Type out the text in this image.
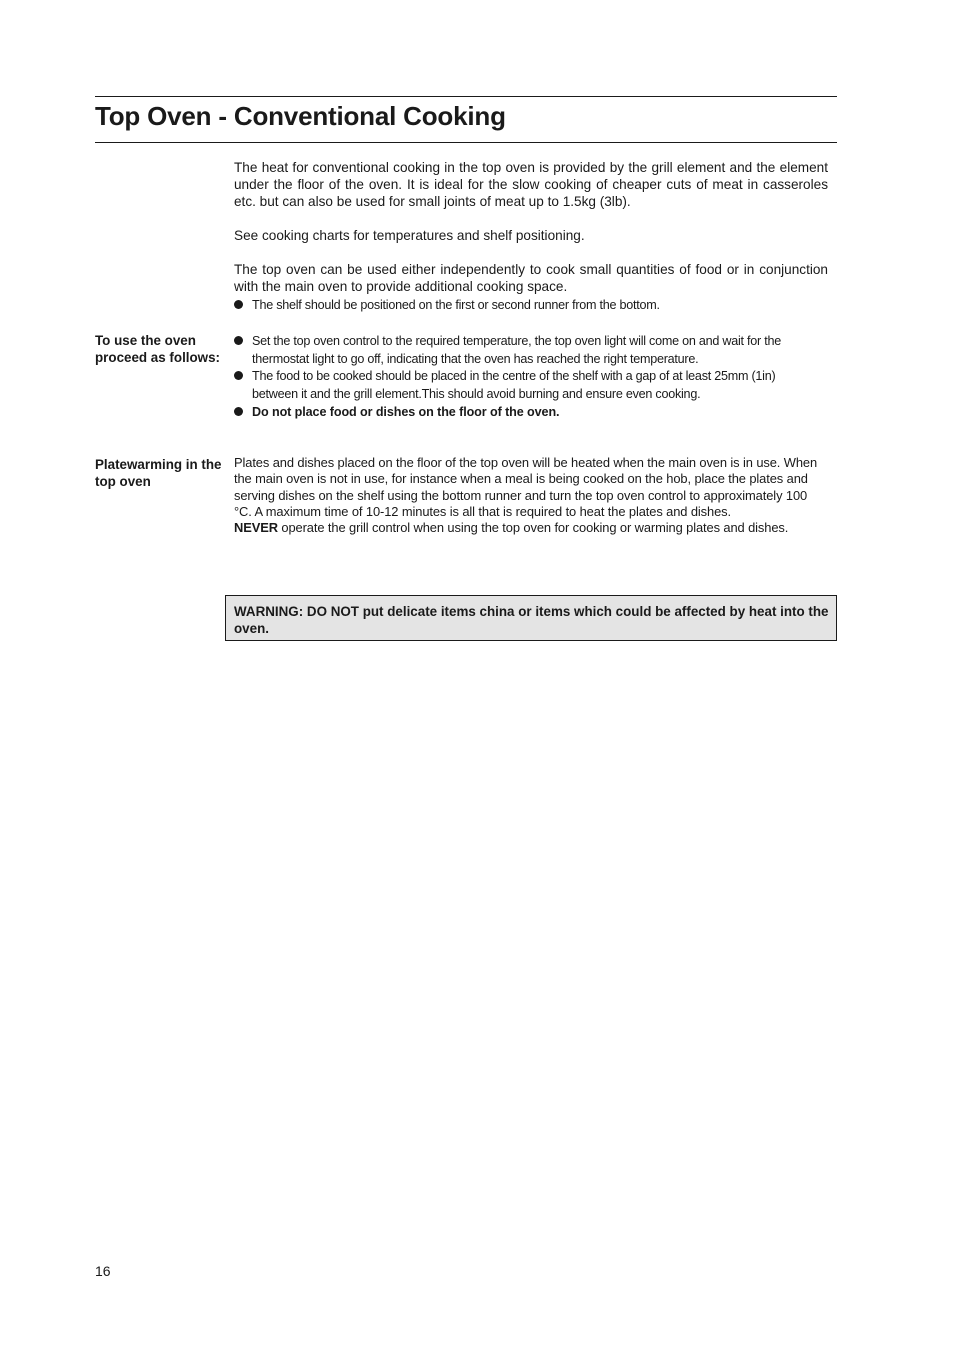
Top Oven - Conventional Cooking

The heat for conventional cooking in the top oven is provided by the grill element and the element under the floor of the oven. It is ideal for the slow cooking of cheaper cuts of meat in casseroles etc. but can also be used for small joints of meat up to 1.5kg (3lb).

See cooking charts for temperatures and shelf positioning.

The top oven can be used either independently to cook small quantities of food or in conjunction with the main oven to provide additional cooking space.

The shelf should be positioned on the first or second runner from the bottom.

To use the oven proceed as follows:

Set the top oven control to the required temperature, the top oven light will come on and wait for the thermostat light to go off, indicating that the oven has reached the right temperature.
The food to be cooked should be placed in the centre of the shelf with a gap of at least 25mm (1in) between it and the grill element.This should avoid burning and ensure even cooking.
Do not place food or dishes on the floor of the oven.

Platewarming in the top oven

Plates and dishes placed on the floor of the top oven will be heated when the main oven is in use. When the main oven is not in use, for instance when a meal is being cooked on the hob, place the plates and serving dishes on the shelf using the bottom runner and turn the top oven control to approximately 100 °C. A maximum time of 10-12 minutes is all that is required to heat the plates and dishes.
NEVER operate the grill control when using the top oven for cooking or warming plates and dishes.

WARNING: DO NOT put delicate items china or items which could be affected by heat into the oven.
16
